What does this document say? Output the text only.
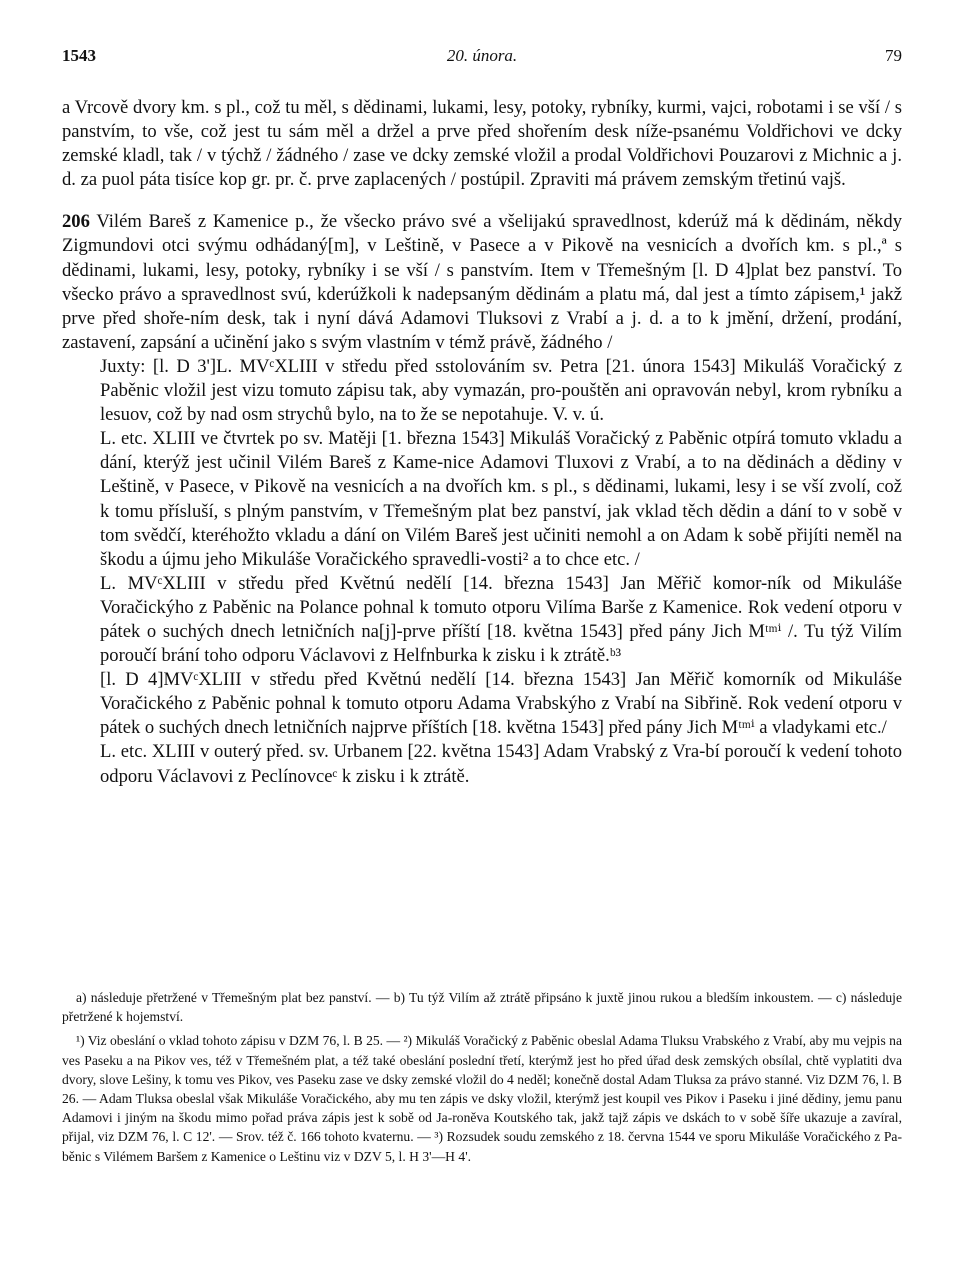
1543	20. února.	79

a Vrcově dvory km. s pl., což tu měl, s dědinami, lukami, lesy, potoky, rybníky, kurmi, vajci, robotami i se vší / s panstvím, to vše, což jest tu sám měl a držel a prve před shořením desk níže-psanému Voldřichovi ve dcky zemské kladl, tak / v týchž / žádného / zase ve dcky zemské vložil a prodal Voldřichovi Pouzarovi z Michnic a j. d. za puol páta tisíce kop gr. pr. č. prve zaplacených / postúpil. Zpraviti má právem zemským třetinú vajš.

206 Vilém Bareš z Kamenice p., že všecko právo své a všelijakú spravedlnost, kderúž má k dědinám, někdy Zigmundovi otci svýmu odhádaný[m], v Leštině, v Pasece a v Pikově na vesnicích a dvořích km. s pl.,ª s dědinami, lukami, lesy, potoky, rybníky i se vší / s panstvím. Item v Třemešným [l. D 4]plat bez panství. To všecko právo a spravedlnost svú, kderúžkoli k nadepsaným dědinám a platu má, dal jest a tímto zápisem,¹ jakž prve před shoře-ním desk, tak i nyní dává Adamovi Tluksovi z Vrabí a j. d. a to k jmění, držení, prodání, zastavení, zapsání a učinění jako s svým vlastním v témž právě, žádného /

Juxty: [l. D 3']L. MVᶜXLIII v středu před sstolováním sv. Petra [21. února 1543] Mikuláš Voračický z Paběnic vložil jest vizu tomuto zápisu tak, aby vymazán, pro-pouštěn ani opravován nebyl, krom rybníku a lesuov, což by nad osm strychů bylo, na to že se nepotahuje. V. v. ú.

L. etc. XLIII ve čtvrtek po sv. Matěji [1. března 1543] Mikuláš Voračický z Paběnic otpírá tomuto vkladu a dání, kterýž jest učinil Vilém Bareš z Kame-nice Adamovi Tluxovi z Vrabí, a to na dědinách a dědiny v Leštině, v Pasece, v Pikově na vesnicích a na dvořích km. s pl., s dědinami, lukami, lesy i se vší zvolí, což k tomu přísluší, s plným panstvím, v Třemešným plat bez panství, jak vklad těch dědin a dání to v sobě v tom svědčí, kteréhožto vkladu a dání on Vilém Bareš jest učiniti nemohl a on Adam k sobě přijíti neměl na škodu a újmu jeho Mikuláše Voračického spravedli-vosti² a to chce etc. /

L. MVᶜXLIII v středu před Květnú nedělí [14. března 1543] Jan Měřič komor-ník od Mikuláše Voračickýho z Paběnic na Polance pohnal k tomuto otporu Vilíma Barše z Kamenice. Rok vedení otporu v pátek o suchých dnech letničních na[j]-prve příští [18. května 1543] před pány Jich Mᵗᵐⁱ /. Tu týž Vilím poroučí brání toho odporu Václavovi z Helfnburka k zisku i k ztrátě.ᵇ³

[l. D 4]MVᶜXLIII v středu před Květnú nedělí [14. března 1543] Jan Měřič komorník od Mikuláše Voračického z Paběnic pohnal k tomuto otporu Adama Vrabskýho z Vrabí na Sibřině. Rok vedení otporu v pátek o suchých dnech letničních najprve příštích [18. května 1543] před pány Jich Mᵗᵐⁱ a vladykami etc./

L. etc. XLIII v outerý před. sv. Urbanem [22. května 1543] Adam Vrabský z Vra-bí poroučí k vedení tohoto odporu Václavovi z Peclínovceᶜ k zisku i k ztrátě.

a) následuje přetržené v Třemešným plat bez panství. — b) Tu týž Vilím až ztrátě připsáno k juxtě jinou rukou a bledším inkoustem. — c) následuje přetržené k hojemství.

¹) Viz obeslání o vklad tohoto zápisu v DZM 76, l. B 25. — ²) Mikuláš Voračický z Paběnic obeslal Adama Tluksu Vrabského z Vrabí, aby mu vejpis na ves Paseku a na Pikov ves, též v Třemešném plat, a též také obeslání poslední třetí, kterýmž jest ho před úřad desk zemských obsílal, chtě vyplatiti dva dvory, slove Lešiny, k tomu ves Pikov, ves Paseku zase ve dsky zemské vložil do 4 neděl; konečně dostal Adam Tluksa za právo stanné. Viz DZM 76, l. B 26. — Adam Tluksa obeslal však Mikuláše Voračického, aby mu ten zápis ve dsky vložil, kterýmž jest koupil ves Pikov i Paseku i jiné dědiny, jemu panu Adamovi i jiným na škodu mimo pořad práva zápis jest k sobě od Ja-roněva Koutského tak, jakž tajž zápis ve dskách to v sobě šíře ukazuje a zavíral, přijal, viz DZM 76, l. C 12'. — Srov. též č. 166 tohoto kvaternu. — ³) Rozsudek soudu zemského z 18. června 1544 ve sporu Mikuláše Voračického z Pa-běnic s Vilémem Baršem z Kamenice o Leštinu viz v DZV 5, l. H 3'—H 4'.
